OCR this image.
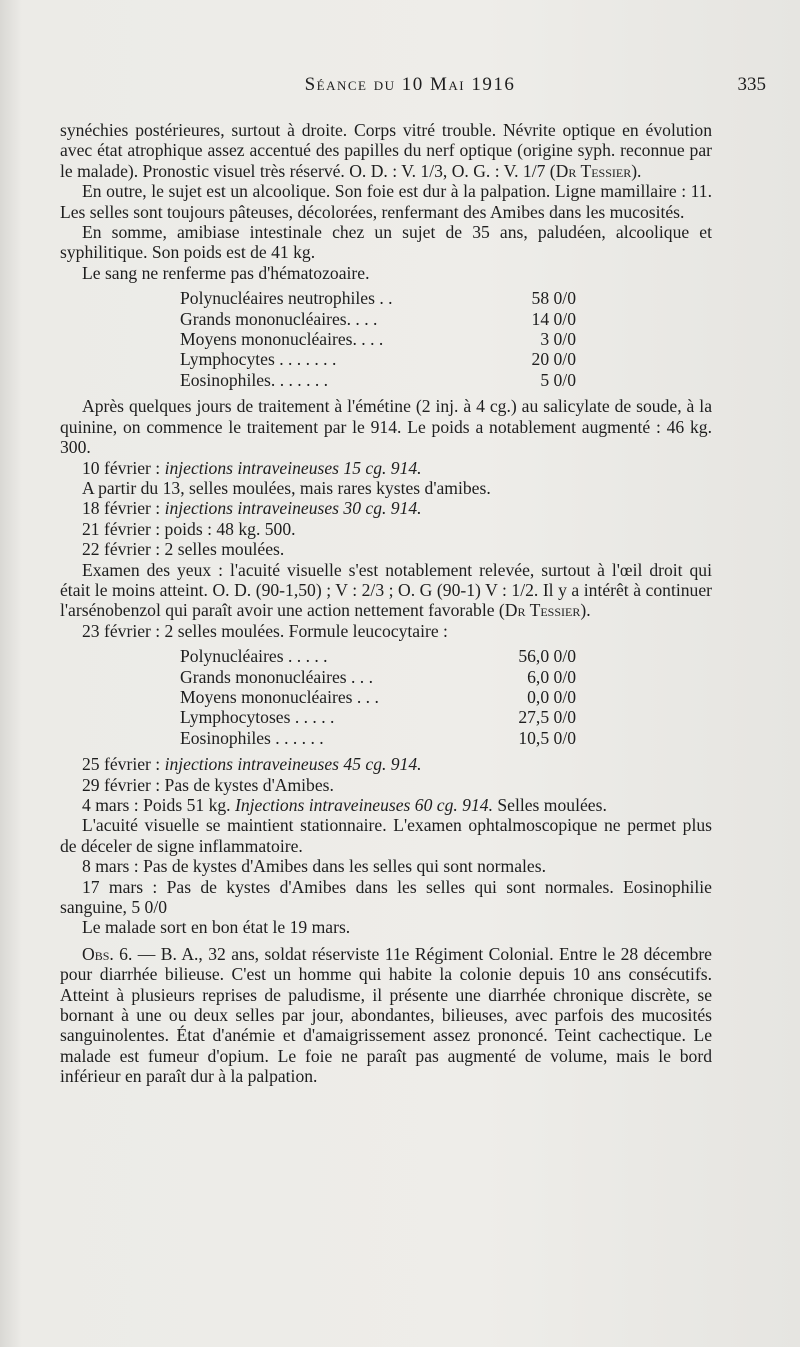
Séance du 10 Mai 1916	335

synéchies postérieures, surtout à droite. Corps vitré trouble. Névrite optique en évolution avec état atrophique assez accentué des papilles du nerf optique (origine syph. reconnue par le malade). Pronostic visuel très réservé. O. D. : V. 1/3, O. G. : V. 1/7 (Dr Tessier).

En outre, le sujet est un alcoolique. Son foie est dur à la palpation. Ligne mamillaire : 11. Les selles sont toujours pâteuses, décolorées, renfermant des Amibes dans les mucosités.

En somme, amibiase intestinale chez un sujet de 35 ans, paludéen, alcoolique et syphilitique. Son poids est de 41 kg.

Le sang ne renferme pas d'hématozoaire.

Polynucléaires neutrophiles . .	58 0/0
Grands mononucléaires. . . .	14 0/0
Moyens mononucléaires. . . .	3 0/0
Lymphocytes . . . . . . .	20 0/0
Eosinophiles. . . . . . .	5 0/0

Après quelques jours de traitement à l'émétine (2 inj. à 4 cg.) au salicylate de soude, à la quinine, on commence le traitement par le 914. Le poids a notablement augmenté : 46 kg. 300.

10 février : injections intraveineuses 15 cg. 914.

A partir du 13, selles moulées, mais rares kystes d'amibes.

18 février : injections intraveineuses 30 cg. 914.

21 février : poids : 48 kg. 500.

22 février : 2 selles moulées.

Examen des yeux : l'acuité visuelle s'est notablement relevée, surtout à l'œil droit qui était le moins atteint. O. D. (90-1,50) ; V : 2/3 ; O. G (90-1) V : 1/2. Il y a intérêt à continuer l'arsénobenzol qui paraît avoir une action nettement favorable (Dr Tessier).

23 février : 2 selles moulées. Formule leucocytaire :

Polynucléaires . . . . .	56,0 0/0
Grands mononucléaires . . .	6,0 0/0
Moyens mononucléaires . . .	0,0 0/0
Lymphocytoses . . . . .	27,5 0/0
Eosinophiles . . . . . .	10,5 0/0

25 février : injections intraveineuses 45 cg. 914.

29 février : Pas de kystes d'Amibes.

4 mars : Poids 51 kg. Injections intraveineuses 60 cg. 914. Selles moulées.

L'acuité visuelle se maintient stationnaire. L'examen ophtalmoscopique ne permet plus de déceler de signe inflammatoire.

8 mars : Pas de kystes d'Amibes dans les selles qui sont normales.

17 mars : Pas de kystes d'Amibes dans les selles qui sont normales. Eosinophilie sanguine, 5 0/0

Le malade sort en bon état le 19 mars.

Obs. 6. — B. A., 32 ans, soldat réserviste 11e Régiment Colonial. Entre le 28 décembre pour diarrhée bilieuse. C'est un homme qui habite la colonie depuis 10 ans consécutifs. Atteint à plusieurs reprises de paludisme, il présente une diarrhée chronique discrète, se bornant à une ou deux selles par jour, abondantes, bilieuses, avec parfois des mucosités sanguinolentes. État d'anémie et d'amaigrissement assez prononcé. Teint cachectique. Le malade est fumeur d'opium. Le foie ne paraît pas augmenté de volume, mais le bord inférieur en paraît dur à la palpation.
